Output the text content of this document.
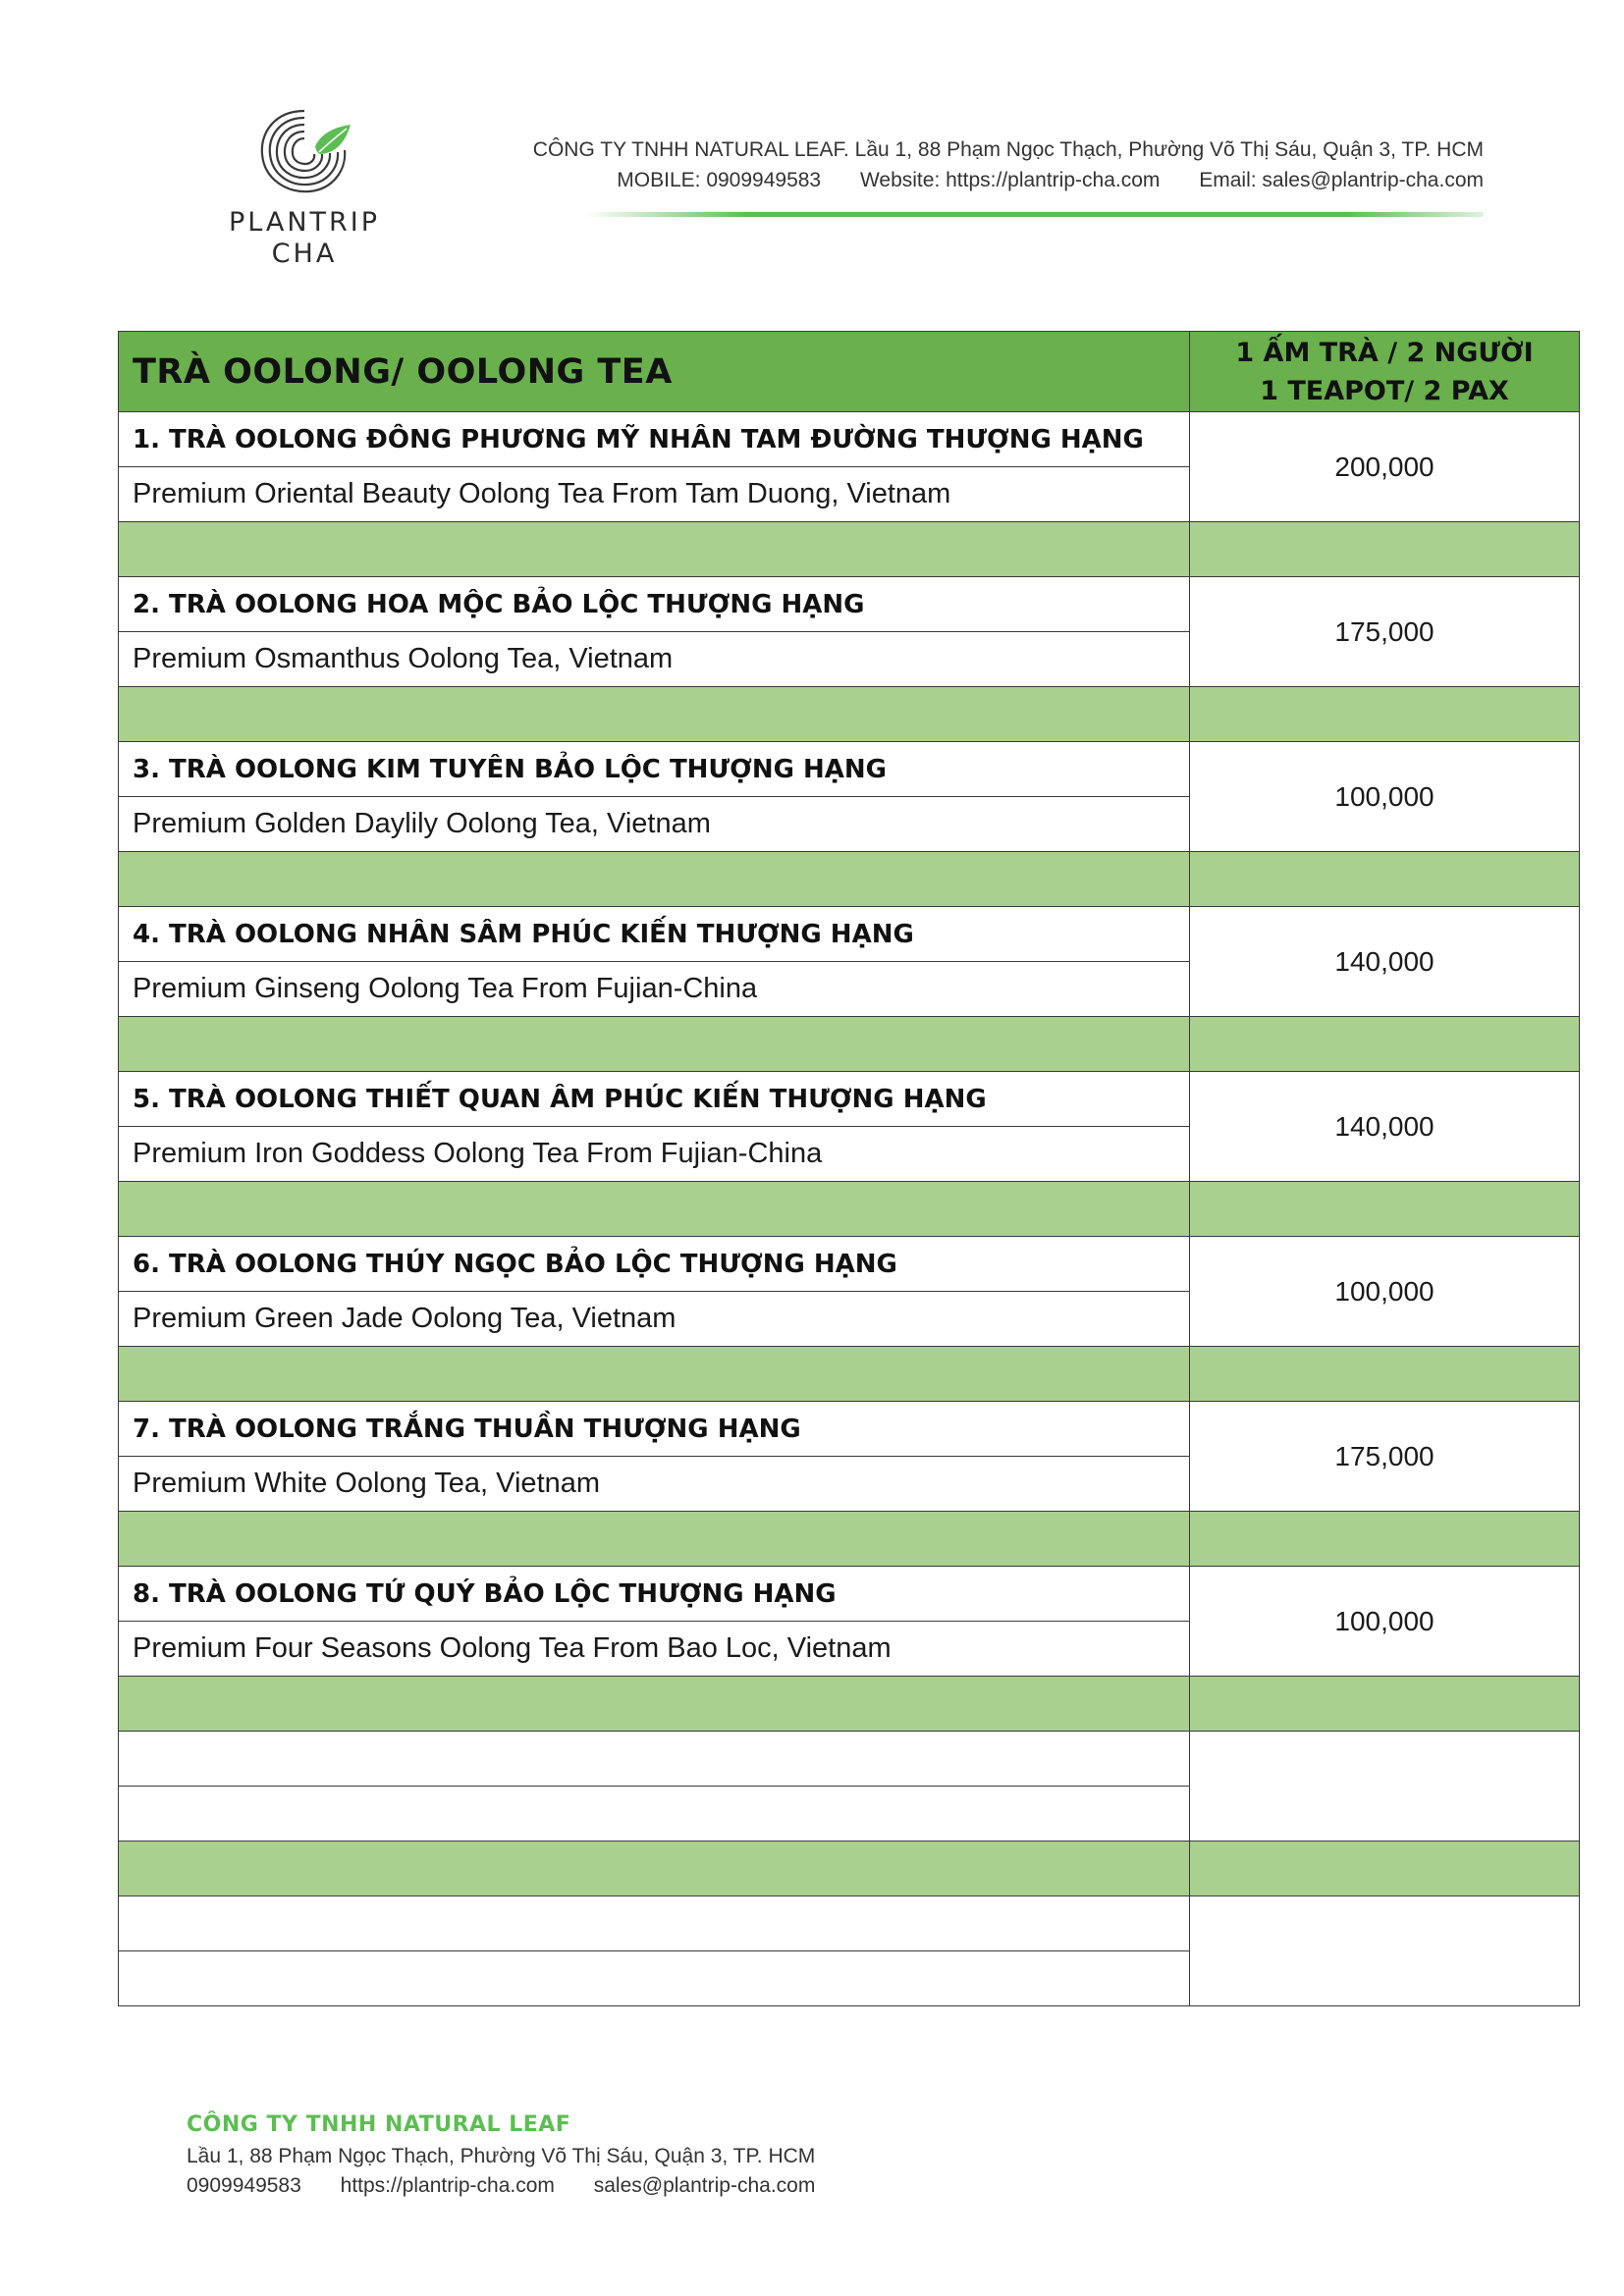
PLANTRIP
CHA
CÔNG TY TNHH NATURAL LEAF. Lầu 1, 88 Phạm Ngọc Thạch, Phường Võ Thị Sáu, Quận 3, TP. HCM
MOBILE: 0909949583 Website: https://plantrip-cha.com Email: sales@plantrip-cha.com
TRÀ OOLONG/ OOLONG TEA	1 ẤM TRÀ / 2 NGƯỜI
1 TEAPOT/ 2 PAX

1. TRÀ OOLONG ĐÔNG PHƯƠNG MỸ NHÂN TAM ĐƯỜNG THƯỢNG HẠNG	200,000
Premium Oriental Beauty Oolong Tea From Tam Duong, Vietnam	

2. TRÀ OOLONG HOA MỘC BẢO LỘC THƯỢNG HẠNG	175,000
Premium Osmanthus Oolong Tea, Vietnam	

3. TRÀ OOLONG KIM TUYÊN BẢO LỘC THƯỢNG HẠNG	100,000
Premium Golden Daylily Oolong Tea, Vietnam	

4. TRÀ OOLONG NHÂN SÂM PHÚC KIẾN THƯỢNG HẠNG	140,000
Premium Ginseng Oolong Tea From Fujian-China	

5. TRÀ OOLONG THIẾT QUAN ÂM PHÚC KIẾN THƯỢNG HẠNG	140,000
Premium Iron Goddess Oolong Tea From Fujian-China	

6. TRÀ OOLONG THÚY NGỌC BẢO LỘC THƯỢNG HẠNG	100,000
Premium Green Jade Oolong Tea, Vietnam	

7. TRÀ OOLONG TRẮNG THUẦN THƯỢNG HẠNG	175,000
Premium White Oolong Tea, Vietnam	

8. TRÀ OOLONG TỨ QUÝ BẢO LỘC THƯỢNG HẠNG	100,000
Premium Four Seasons Oolong Tea From Bao Loc, Vietnam	

CÔNG TY TNHH NATURAL LEAF
Lầu 1, 88 Phạm Ngọc Thạch, Phường Võ Thị Sáu, Quận 3, TP. HCM
0909949583 https://plantrip-cha.com sales@plantrip-cha.com
